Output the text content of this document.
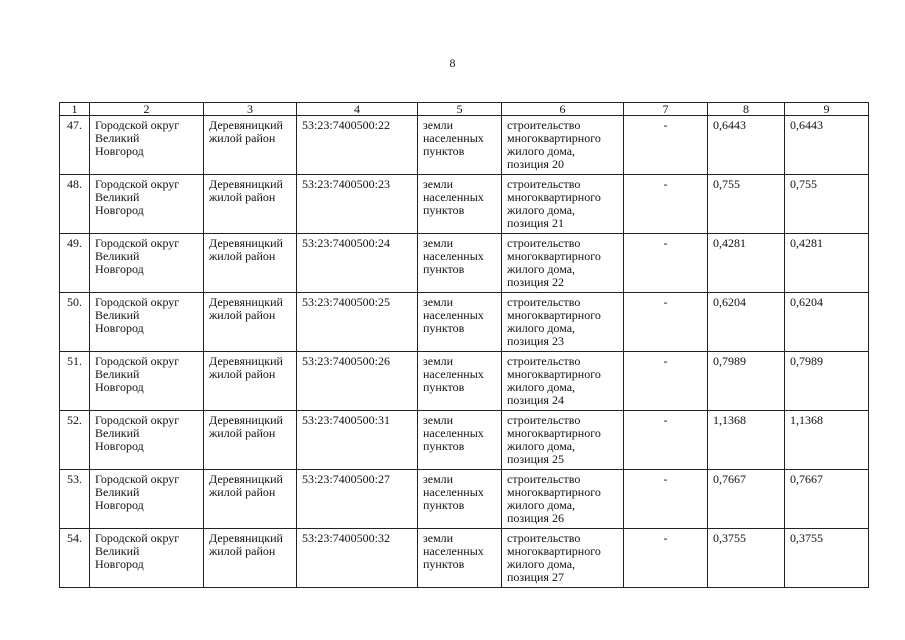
8
1	2	3	4	5	6	7	8	9
47.	Городской округ
Великий
Новгород	Деревяницкий
жилой район	53:23:7400500:22	земли
населенных
пунктов	строительство
многоквартирного
жилого дома,
позиция 20	-	0,6443	0,6443
48.	Городской округ
Великий
Новгород	Деревяницкий
жилой район	53:23:7400500:23	земли
населенных
пунктов	строительство
многоквартирного
жилого дома,
позиция 21	-	0,755	0,755
49.	Городской округ
Великий
Новгород	Деревяницкий
жилой район	53:23:7400500:24	земли
населенных
пунктов	строительство
многоквартирного
жилого дома,
позиция 22	-	0,4281	0,4281
50.	Городской округ
Великий
Новгород	Деревяницкий
жилой район	53:23:7400500:25	земли
населенных
пунктов	строительство
многоквартирного
жилого дома,
позиция 23	-	0,6204	0,6204
51.	Городской округ
Великий
Новгород	Деревяницкий
жилой район	53:23:7400500:26	земли
населенных
пунктов	строительство
многоквартирного
жилого дома,
позиция 24	-	0,7989	0,7989
52.	Городской округ
Великий
Новгород	Деревяницкий
жилой район	53:23:7400500:31	земли
населенных
пунктов	строительство
многоквартирного
жилого дома,
позиция 25	-	1,1368	1,1368
53.	Городской округ
Великий
Новгород	Деревяницкий
жилой район	53:23:7400500:27	земли
населенных
пунктов	строительство
многоквартирного
жилого дома,
позиция 26	-	0,7667	0,7667
54.	Городской округ
Великий
Новгород	Деревяницкий
жилой район	53:23:7400500:32	земли
населенных
пунктов	строительство
многоквартирного
жилого дома,
позиция 27	-	0,3755	0,3755
